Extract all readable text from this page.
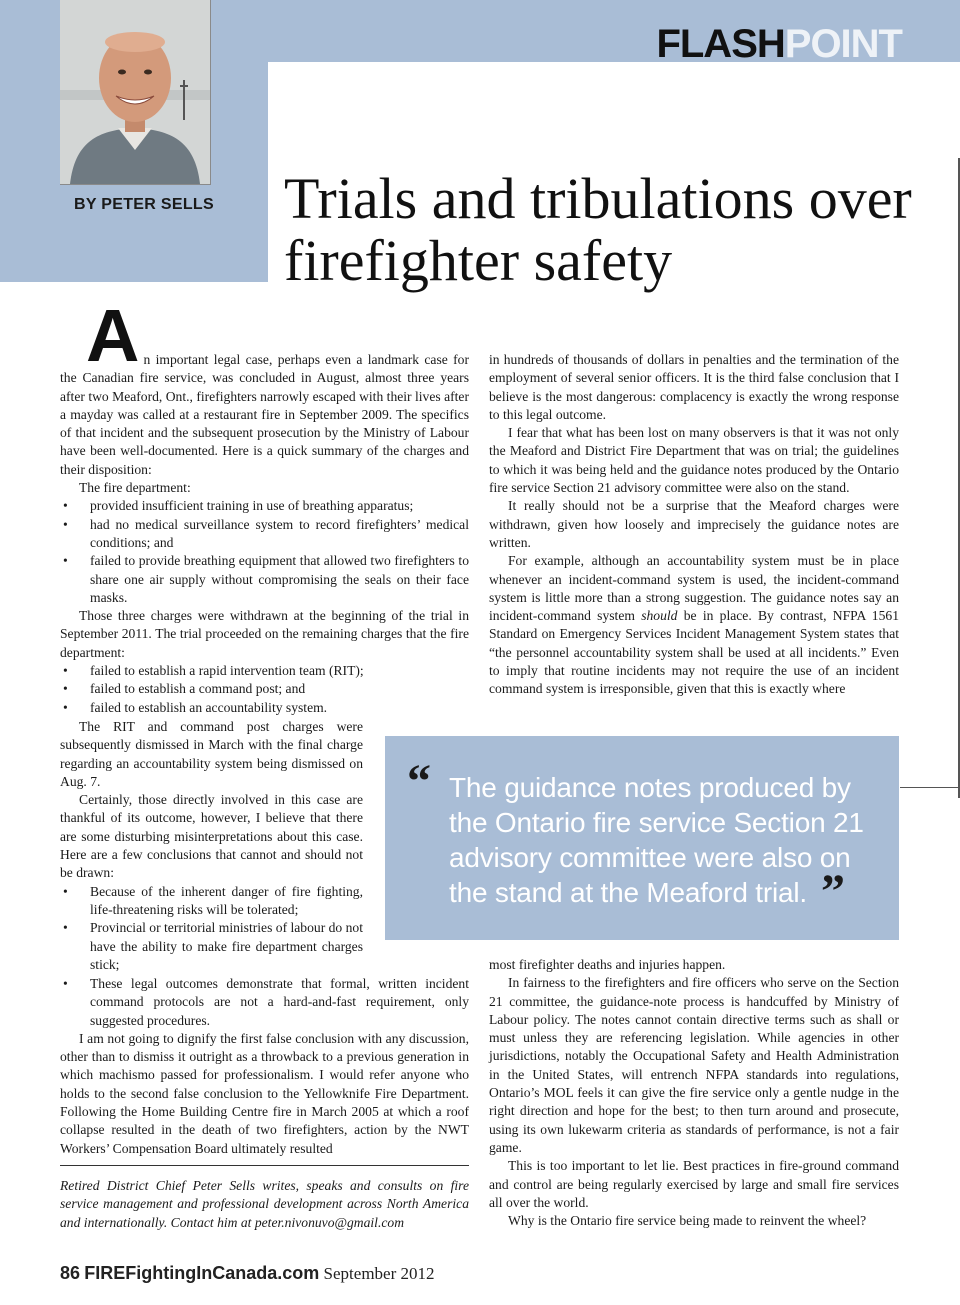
BY PETER SELLS
FLASHPOINT
Trials and tribulations over firefighter safety

An important legal case, perhaps even a landmark case for the Canadian fire service, was concluded in August, almost three years after two Meaford, Ont., firefighters narrowly escaped with their lives after a mayday was called at a restaurant fire in September 2009. The specifics of that incident and the subsequent prosecution by the Ministry of Labour have been well-documented. Here is a quick summary of the charges and their disposition:

The fire department:

• provided insufficient training in use of breathing apparatus;
• had no medical surveillance system to record firefighters’ medical conditions; and
• failed to provide breathing equipment that allowed two firefighters to share one air supply without compromising the seals on their face masks.

Those three charges were withdrawn at the beginning of the trial in September 2011. The trial proceeded on the remaining charges that the fire department:

• failed to establish a rapid intervention team (RIT);
• failed to establish a command post; and
• failed to establish an accountability system.

The RIT and command post charges were subsequently dismissed in March with the final charge regarding an accountability system being dismissed on Aug. 7.

Certainly, those directly involved in this case are thankful of its outcome, however, I believe that there are some disturbing misinterpretations about this case. Here are a few conclusions that cannot and should not be drawn:

• Because of the inherent danger of fire fighting, life-threatening risks will be tolerated;
• Provincial or territorial ministries of labour do not have the ability to make fire department charges stick;
• These legal outcomes demonstrate that formal, written incident command protocols are not a hard-and-fast requirement, only suggested procedures.

I am not going to dignify the first false conclusion with any discussion, other than to dismiss it outright as a throwback to a previous generation in which machismo passed for professionalism. I would refer anyone who holds to the second false conclusion to the Yellowknife Fire Department. Following the Home Building Centre fire in March 2005 at which a roof collapse resulted in the death of two firefighters, action by the NWT Workers’ Compensation Board ultimately resulted

in hundreds of thousands of dollars in penalties and the termination of the employment of several senior officers. It is the third false conclusion that I believe is the most dangerous: complacency is exactly the wrong response to this legal outcome.

I fear that what has been lost on many observers is that it was not only the Meaford and District Fire Department that was on trial; the guidelines to which it was being held and the guidance notes produced by the Ontario fire service Section 21 advisory committee were also on the stand.

It really should not be a surprise that the Meaford charges were withdrawn, given how loosely and imprecisely the guidance notes are written.

For example, although an accountability system must be in place whenever an incident-command system is used, the incident-command system is little more than a strong suggestion. The guidance notes say an incident-command system should be in place. By contrast, NFPA 1561 Standard on Emergency Services Incident Management System states that “the personnel accountability system shall be used at all incidents.” Even to imply that routine incidents may not require the use of an incident command system is irresponsible, given that this is exactly where

“ The guidance notes produced by the Ontario fire service Section 21 advisory committee were also on the stand at the Meaford trial. ”

most firefighter deaths and injuries happen.

In fairness to the firefighters and fire officers who serve on the Section 21 committee, the guidance-note process is handcuffed by Ministry of Labour policy. The notes cannot contain directive terms such as shall or must unless they are referencing legislation. While agencies in other jurisdictions, notably the Occupational Safety and Health Administration in the United States, will entrench NFPA standards into regulations, Ontario’s MOL feels it can give the fire service only a gentle nudge in the right direction and hope for the best; to then turn around and prosecute, using its own lukewarm criteria as standards of performance, is not a fair game.

This is too important to let lie. Best practices in fire-ground command and control are being regularly exercised by large and small fire services all over the world.

Why is the Ontario fire service being made to reinvent the wheel?

Retired District Chief Peter Sells writes, speaks and consults on fire service management and professional development across North America and internationally. Contact him at peter.nivonuvo@gmail.com
86 FIREFightingInCanada.com September 2012
